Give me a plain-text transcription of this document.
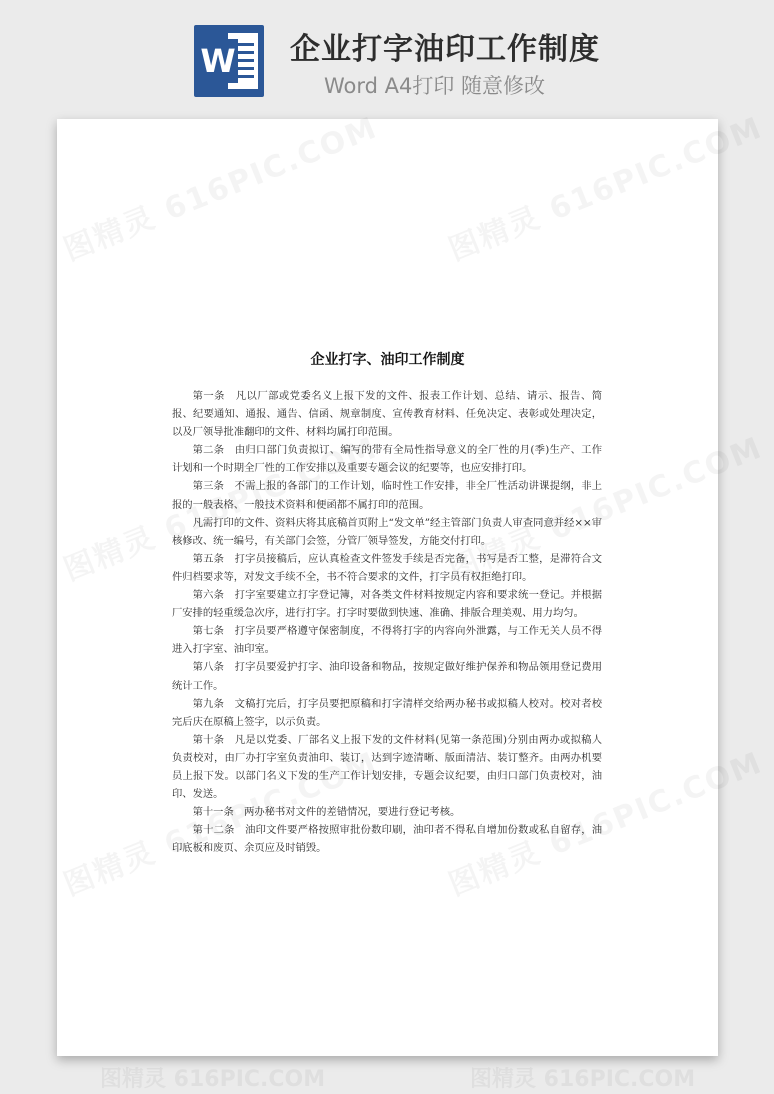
W 企业打字油印工作制度
Word A4打印 随意修改
企业打字、油印工作制度

第一条　凡以厂部或党委名义上报下发的文件、报表工作计划、总结、请示、报告、简报、纪要通知、通报、通告、信函、规章制度、宣传教育材料、任免决定、表彰或处理决定，以及厂领导批准翻印的文件、材料均属打印范围。

第二条　由归口部门负责拟订、编写的带有全局性指导意义的全厂性的月(季)生产、工作计划和一个时期全厂性的工作安排以及重要专题会议的纪要等，也应安排打印。

第三条　不需上报的各部门的工作计划，临时性工作安排，非全厂性活动讲课提纲，非上报的一般表格、一般技术资料和便函都不属打印的范围。

凡需打印的文件、资料庆将其底稿首页附上“发文单”经主管部门负责人审查同意并经××审核修改、统一编号，有关部门会签，分管厂领导签发，方能交付打印。

第五条　打字员接稿后，应认真检查文件签发手续是否完备，书写是否工整，是滞符合文件归档要求等，对发文手续不全，书不符合要求的文件，打字员有权拒绝打印。

第六条　打字室要建立打字登记簿，对各类文件材料按规定内容和要求统一登记。并根据厂安排的轻重缓急次序，进行打字。打字时要做到快速、准确、排版合理美观、用力均匀。

第七条　打字员要严格遵守保密制度，不得将打字的内容向外泄露，与工作无关人员不得进入打字室、油印室。

第八条　打字员要爱护打字、油印设备和物品，按规定做好维护保养和物品领用登记费用统计工作。

第九条　文稿打完后，打字员要把原稿和打字清样交给两办秘书或拟稿人校对。校对者校完后庆在原稿上签字，以示负责。

第十条　凡是以党委、厂部名义上报下发的文件材料(见第一条范围)分别由两办或拟稿人负责校对，由厂办打字室负责油印、装订，达到字迹清晰、版面清洁、装订整齐。由两办机要员上报下发。以部门名义下发的生产工作计划安排，专题会议纪要，由归口部门负责校对，油印、发送。

第十一条　两办秘书对文件的差错情况，要进行登记考核。

第十二条　油印文件要严格按照审批份数印刷，油印者不得私自增加份数或私自留存，油印底板和废页、余页应及时销毁。

图精灵 616PIC.COM	图精灵 616PIC.COM
